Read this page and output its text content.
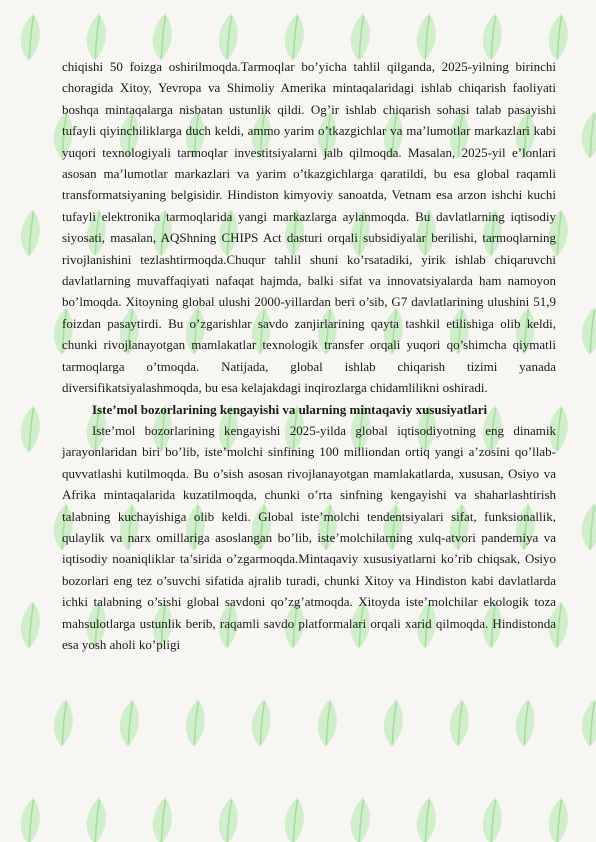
chiqishi 50 foizga oshirilmoqda.Tarmoqlar bo’yicha tahlil qilganda, 2025-yilning birinchi choragida Xitoy, Yevropa va Shimoliy Amerika mintaqalaridagi ishlab chiqarish faoliyati boshqa mintaqalarga nisbatan ustunlik qildi. Og’ir ishlab chiqarish sohasi talab pasayishi tufayli qiyinchiliklarga duch keldi, ammo yarim o’tkazgichlar va ma’lumotlar markazlari kabi yuqori texnologiyali tarmoqlar investitsiyalarni jalb qilmoqda. Masalan, 2025-yil e’lonlari asosan ma’lumotlar markazlari va yarim o’tkazgichlarga qaratildi, bu esa global raqamli transformatsiyaning belgisidir. Hindiston kimyoviy sanoatda, Vetnam esa arzon ishchi kuchi tufayli elektronika tarmoqlarida yangi markazlarga aylanmoqda. Bu davlatlarning iqtisodiy siyosati, masalan, AQShning CHIPS Act dasturi orqali subsidiyalar berilishi, tarmoqlarning rivojlanishini tezlashtirmoqda.Chuqur tahlil shuni ko’rsatadiki, yirik ishlab chiqaruvchi davlatlarning muvaffaqiyati nafaqat hajmda, balki sifat va innovatsiyalarda ham namoyon bo’lmoqda. Xitoyning global ulushi 2000-yillardan beri o’sib, G7 davlatlarining ulushini 51,9 foizdan pasaytirdi. Bu o’zgarishlar savdo zanjirlarining qayta tashkil etilishiga olib keldi, chunki rivojlanayotgan mamlakatlar texnologik transfer orqali yuqori qo’shimcha qiymatli tarmoqlarga o’tmoqda. Natijada, global ishlab chiqarish tizimi yanada diversifikatsiyalashmoqda, bu esa kelajakdagi inqirozlarga chidamlilikni oshiradi.

Iste’mol bozorlarining kengayishi va ularning mintaqaviy xususiyatlari

Iste’mol bozorlarining kengayishi 2025-yilda global iqtisodiyotning eng dinamik jarayonlaridan biri bo’lib, iste’molchi sinfining 100 milliondan ortiq yangi a’zosini qo’llab-quvvatlashi kutilmoqda. Bu o’sish asosan rivojlanayotgan mamlakatlarda, xususan, Osiyo va Afrika mintaqalarida kuzatilmoqda, chunki o’rta sinfning kengayishi va shaharlashtirish talabning kuchayishiga olib keldi. Global iste’molchi tendentsiyalari sifat, funksionallik, qulaylik va narx omillariga asoslangan bo’lib, iste’molchilarning xulq-atvori pandemiya va iqtisodiy noaniqliklar ta’sirida o’zgarmoqda.Mintaqaviy xususiyatlarni ko’rib chiqsak, Osiyo bozorlari eng tez o’suvchi sifatida ajralib turadi, chunki Xitoy va Hindiston kabi davlatlarda ichki talabning o’sishi global savdoni qo’zg’atmoqda. Xitoyda iste’molchilar ekologik toza mahsulotlarga ustunlik berib, raqamli savdo platformalari orqali xarid qilmoqda. Hindistonda esa yosh aholi ko’pligi
